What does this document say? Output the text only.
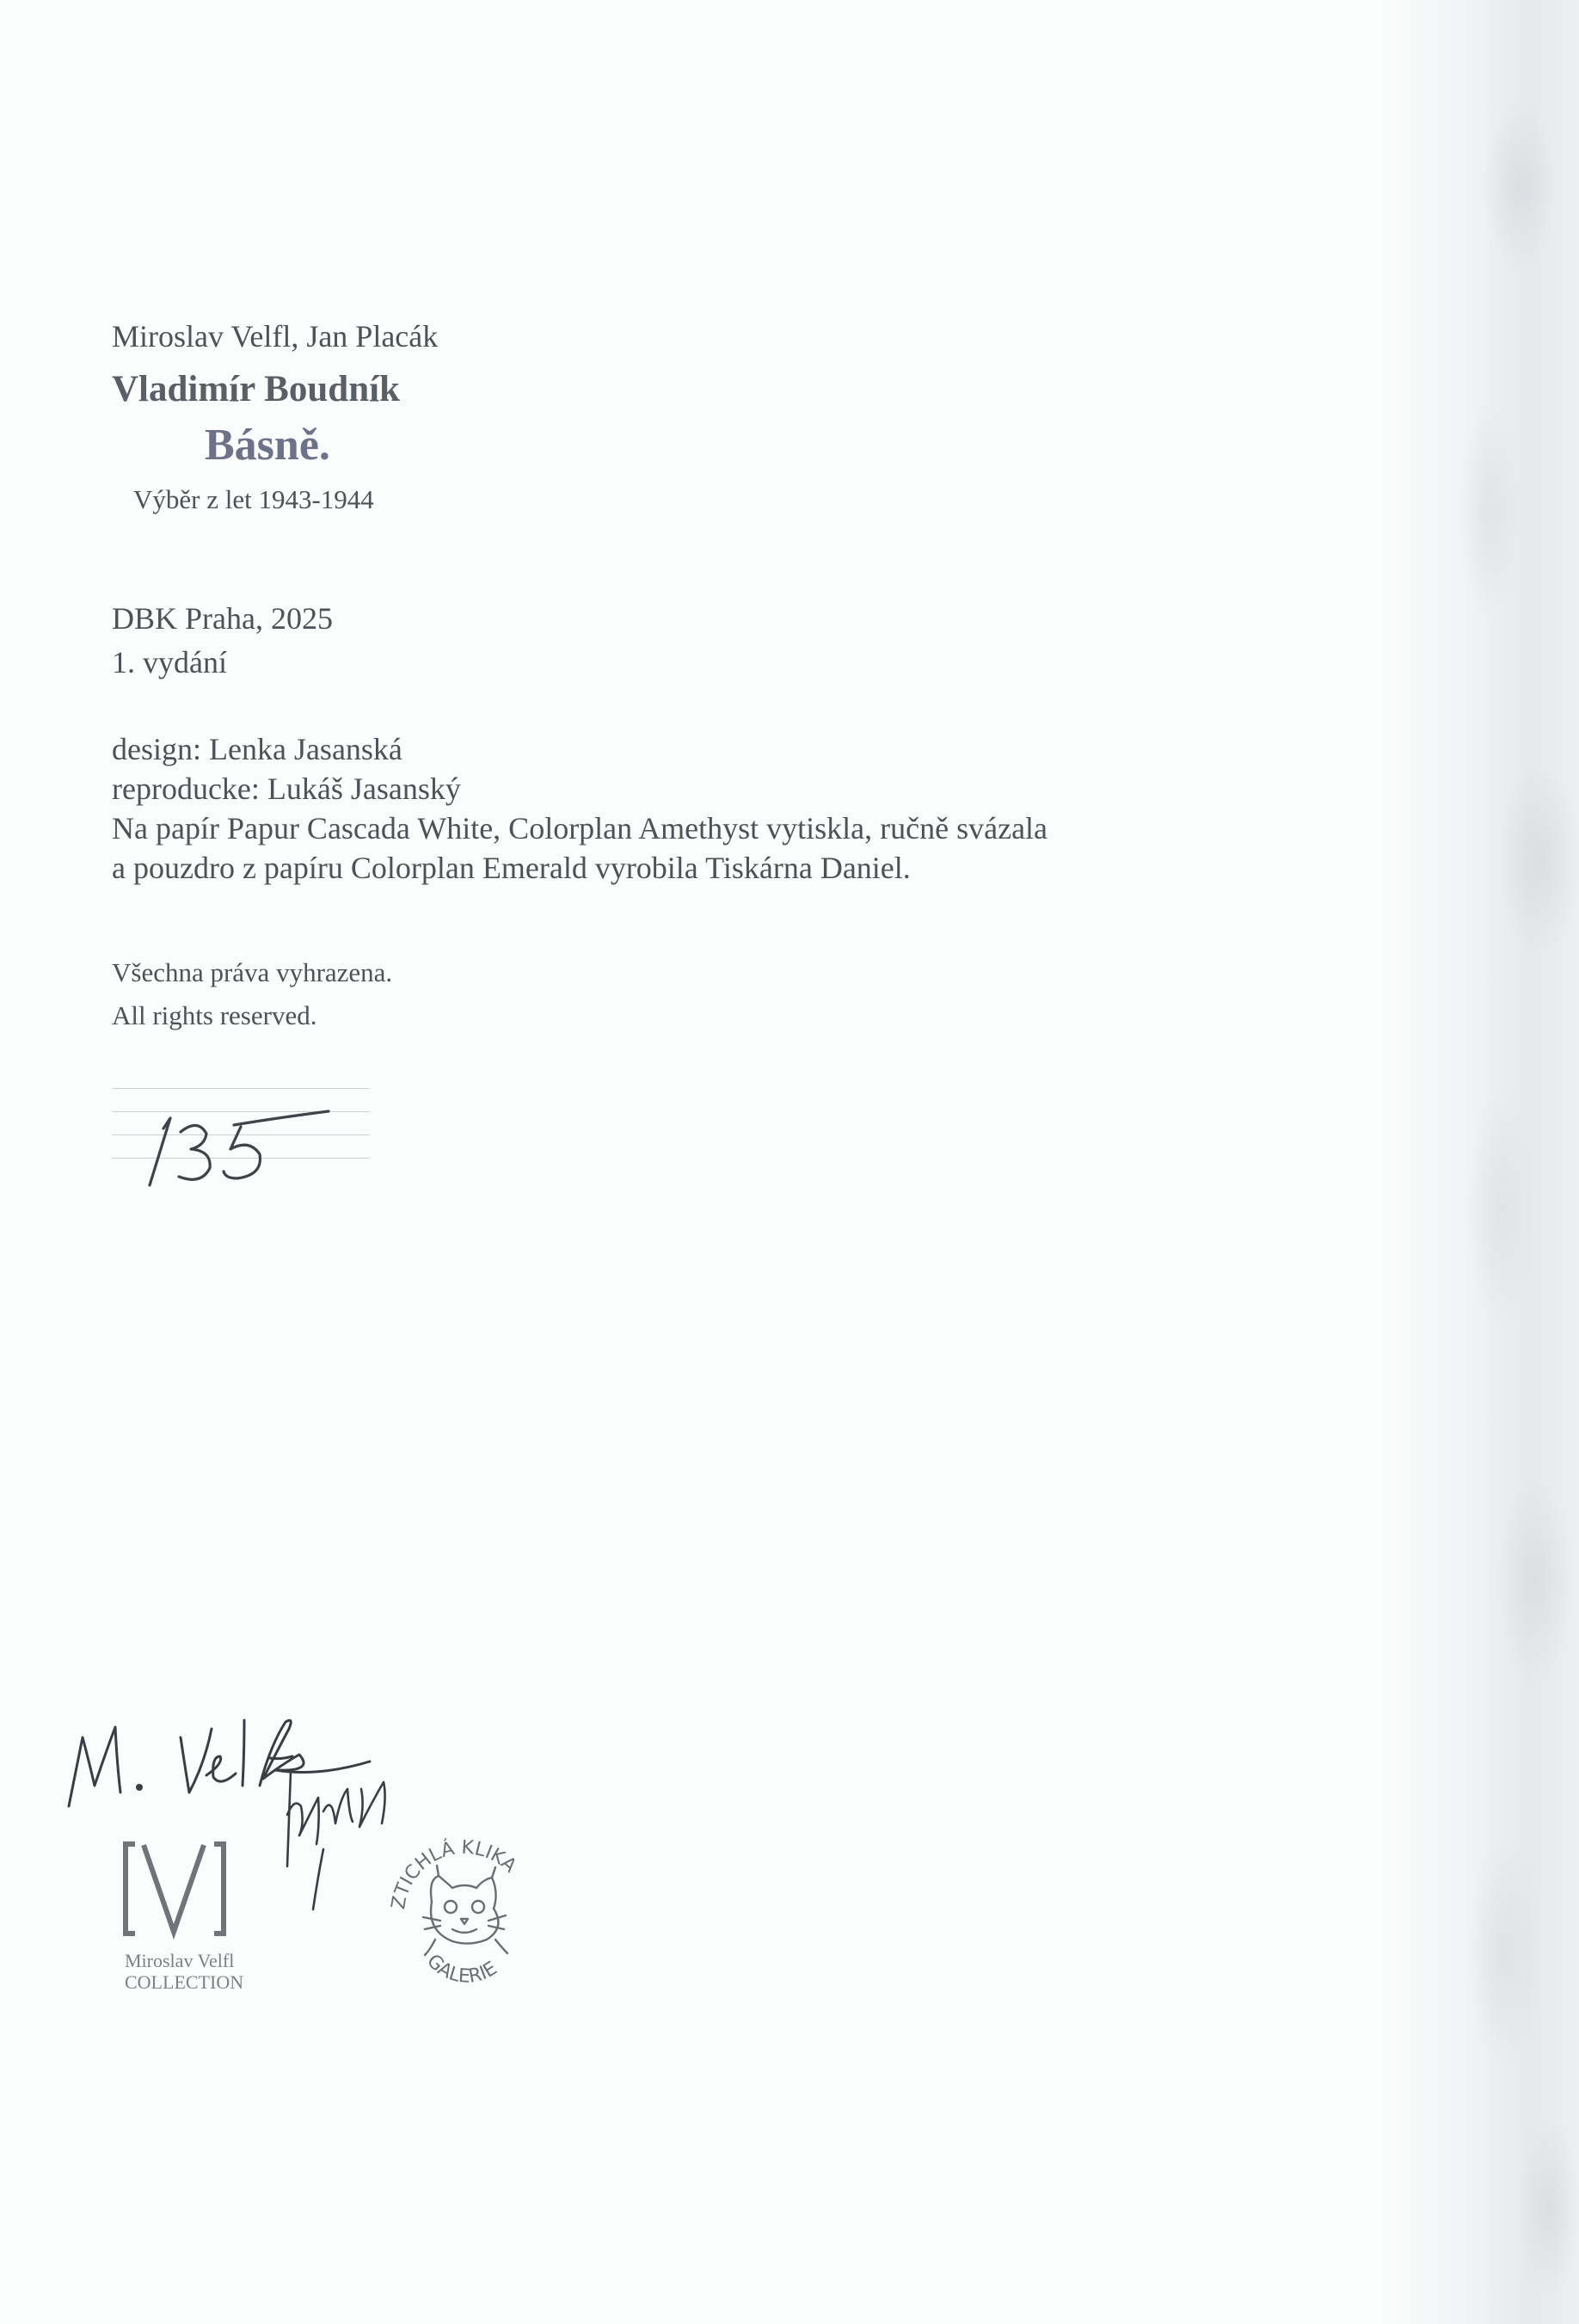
Miroslav Velfl, Jan Placák

Vladimír Boudník

Básně.

Výběr z let 1943-1944

DBK Praha, 2025

1. vydání

design: Lenka Jasanská
reproducke: Lukáš Jasanský
Na papír Papur Cascada White, Colorplan Amethyst vytiskla, ručně svázala
a pouzdro z papíru Colorplan Emerald vyrobila Tiskárna Daniel.
Všechna práva vyhrazena.
All rights reserved.
Miroslav Velfl
COLLECTION
ZTICHLÁ KLIKA
GALERIE
